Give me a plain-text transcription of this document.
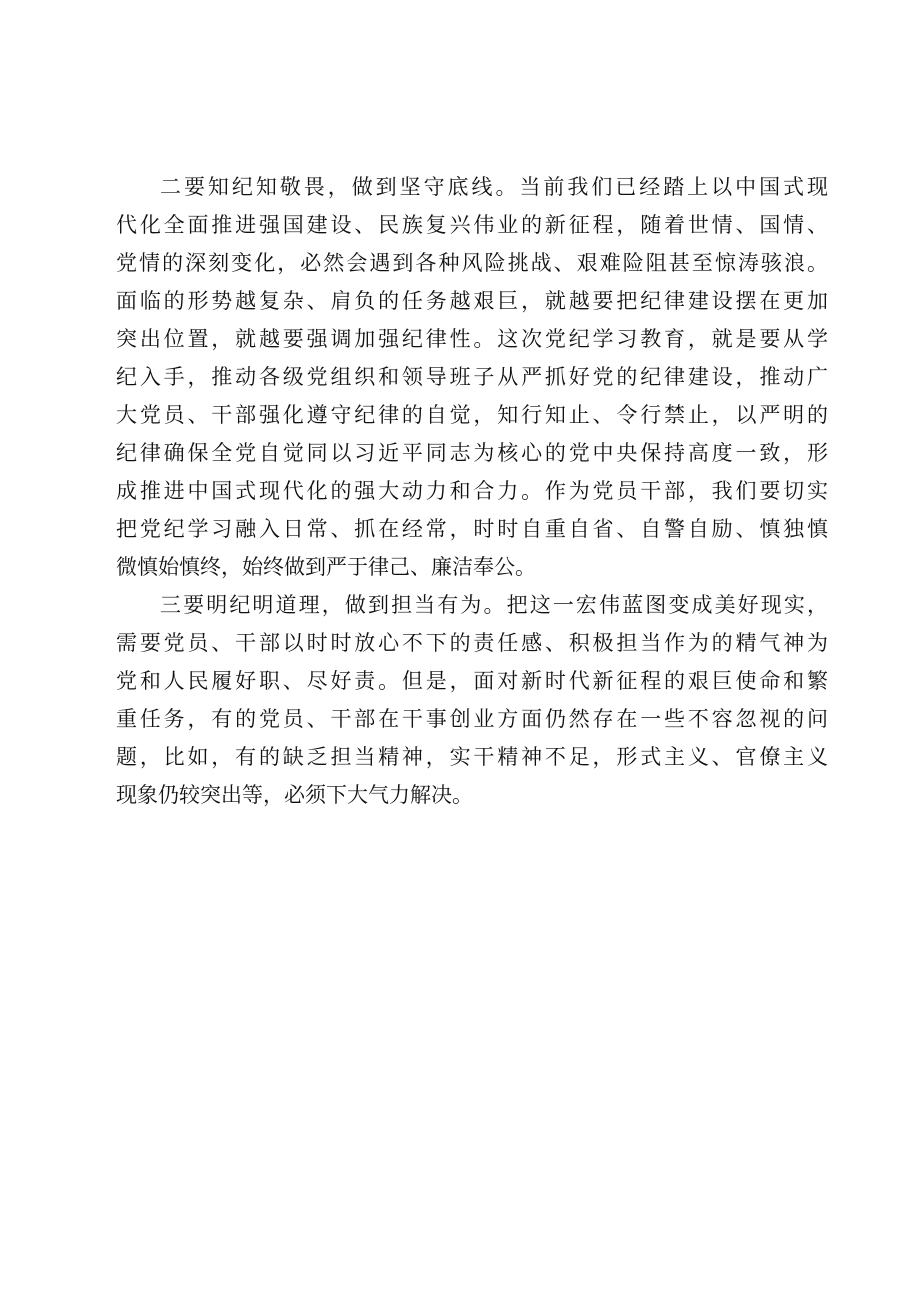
二要知纪知敬畏，做到坚守底线。当前我们已经踏上以中国式现
代化全面推进强国建设、民族复兴伟业的新征程，随着世情、国情、
党情的深刻变化，必然会遇到各种风险挑战、艰难险阻甚至惊涛骇浪。
面临的形势越复杂、肩负的任务越艰巨，就越要把纪律建设摆在更加
突出位置，就越要强调加强纪律性。这次党纪学习教育，就是要从学
纪入手，推动各级党组织和领导班子从严抓好党的纪律建设，推动广
大党员、干部强化遵守纪律的自觉，知行知止、令行禁止，以严明的
纪律确保全党自觉同以习近平同志为核心的党中央保持高度一致，形
成推进中国式现代化的强大动力和合力。作为党员干部，我们要切实
把党纪学习融入日常、抓在经常，时时自重自省、自警自励、慎独慎
微慎始慎终，始终做到严于律己、廉洁奉公。
三要明纪明道理，做到担当有为。把这一宏伟蓝图变成美好现实，
需要党员、干部以时时放心不下的责任感、积极担当作为的精气神为
党和人民履好职、尽好责。但是，面对新时代新征程的艰巨使命和繁
重任务，有的党员、干部在干事创业方面仍然存在一些不容忽视的问
题，比如，有的缺乏担当精神，实干精神不足，形式主义、官僚主义
现象仍较突出等，必须下大气力解决。
